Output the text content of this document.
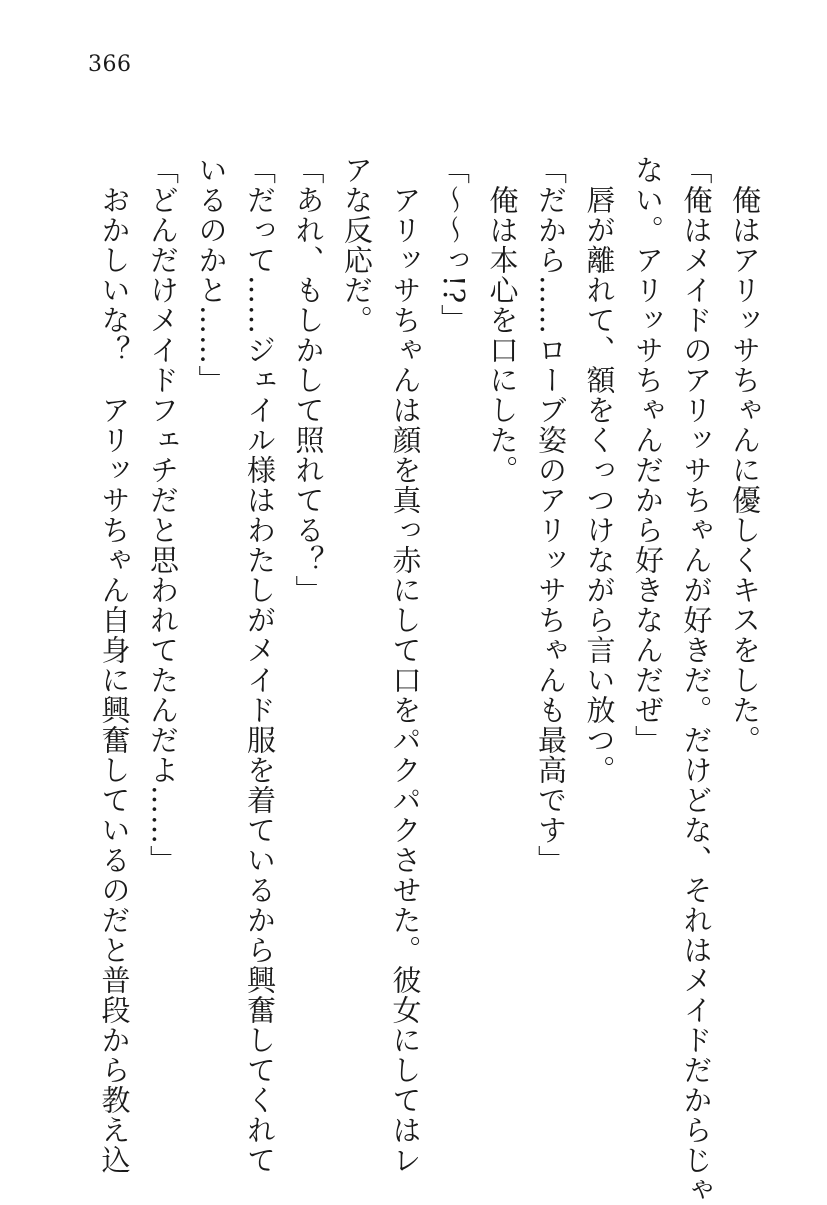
366
　俺はアリッサちゃんに優しくキスをした。
「俺はメイドのアリッサちゃんが好きだ。だけどな、それはメイドだからじゃ
ない。アリッサちゃんだから好きなんだぜ」
　唇が離れて、額をくっつけながら言い放つ。
「だから……ローブ姿のアリッサちゃんも最高です」
　俺は本心を口にした。
「〜〜っ!?」
　アリッサちゃんは顔を真っ赤にして口をパクパクさせた。彼女にしてはレ
アな反応だ。
「あれ、もしかして照れてる？」
「だって……ジェイル様はわたしがメイド服を着ているから興奮してくれて
いるのかと……」
「どんだけメイドフェチだと思われてたんだよ……」
　おかしいな？　アリッサちゃん自身に興奮しているのだと普段から教え込
